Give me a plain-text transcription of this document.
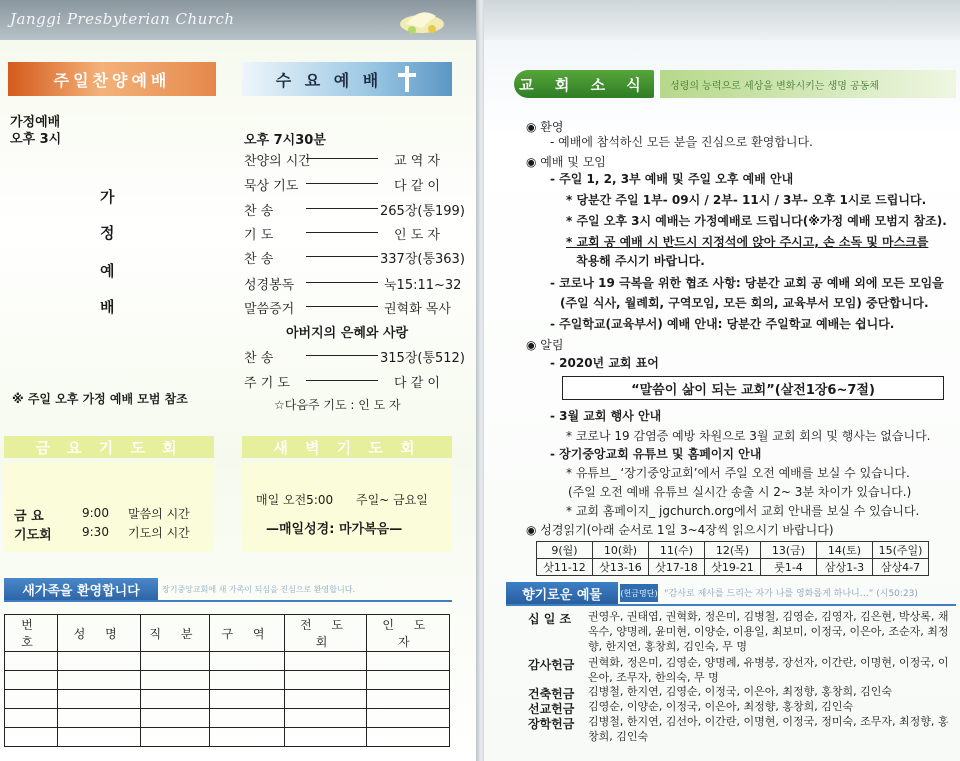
Janggi Presbyterian Church
주일찬양예배
가정예배
오후 3시
가
정
예
배
※ 주일 오후 가정 예배 모범 참조
수 요 예 배
오후 7시30분
찬양의 시간	교 역 자
묵상 기도	다 같 이
찬 송	265장(통199)
기 도	인 도 자
찬 송	337장(통363)
성경봉독	눅15:11~32
말씀증거	권혁화 목사
아버지의 은혜와 사랑
찬 송	315장(통512)
주 기 도	다 같 이
☆다음주 기도 : 인 도 자
금 요 기 도 회
금 요	9:00 말씀의 시간
기도회	9:30 기도의 시간
새 벽 기 도 회
매일 오전5:00 주일~ 금요일
—매일성경: 마가복음—
새가족을 환영합니다	장기중앙교회에 새 가족이 되심을 진심으로 환영합니다.
번 호	성 명	직 분	구 역	전 도 회	인 도 자

교 회 소 식	성령의 능력으로 세상을 변화시키는 생명 공동체
◉ 환영
- 예배에 참석하신 모든 분을 진심으로 환영합니다.
◉ 예배 및 모임
- 주일 1, 2, 3부 예배 및 주일 오후 예배 안내
* 당분간 주일 1부- 09시 / 2부- 11시 / 3부- 오후 1시로 드립니다.
* 주일 오후 3시 예배는 가정예배로 드립니다(※가정 예배 모범지 참조).
* 교회 공 예배 시 반드시 지정석에 앉아 주시고, 손 소독 및 마스크를
착용해 주시기 바랍니다.
- 코로나 19 극복을 위한 협조 사항: 당분간 교회 공 예배 외에 모든 모임을
(주일 식사, 월례회, 구역모임, 모든 회의, 교육부서 모임) 중단합니다.
- 주일학교(교육부서) 예배 안내: 당분간 주일학교 예배는 쉽니다.
◉ 알림
- 2020년 교회 표어
“말씀이 삶이 되는 교회”(살전1장6~7절)
- 3월 교회 행사 안내
* 코로나 19 감염증 예방 차원으로 3월 교회 회의 및 행사는 없습니다.
- 장기중앙교회 유튜브 및 홈페이지 안내
* 유튜브_ ‘장기중앙교회’에서 주일 오전 예배를 보실 수 있습니다.
(주일 오전 예배 유튜브 실시간 송출 시 2~ 3분 차이가 있습니다.)
* 교회 홈페이지_ jgchurch.org에서 교회 안내를 보실 수 있습니다.
◉ 성경읽기(아래 순서로 1일 3~4장씩 읽으시기 바랍니다)
9(월)	10(화)	11(수)	12(목)	13(금)	14(토)	15(주일)
삿11-12	삿13-16	삿17-18	삿19-21	룻1-4	삼상1-3	삼상4-7
향기로운 예물	(헌금명단) “감사로 제사를 드리는 자가 나를 영화롭게 하나니…” (시50:23)
십 일 조 권영우, 권태엽, 권혁화, 정은미, 김병철, 김영순, 김영자, 김은현, 박상록, 채옥수, 양명례, 윤미현, 이양순, 이용일, 최보미, 이정국, 이은아, 조순자, 최정향, 한지연, 홍창희, 김인숙, 무 명
감사헌금 권혁화, 정은미, 김영순, 양명례, 유병봉, 장선자, 이간란, 이명현, 이정국, 이은아, 조무자, 한의숙, 무 명
건축헌금 김병철, 한지연, 김영순, 이정국, 이은아, 최정향, 홍창희, 김인숙
선교헌금 김영순, 이양순, 이정국, 이은아, 최정향, 홍창희, 김인숙
장학헌금 김병철, 한지연, 김선아, 이간란, 이명현, 이정국, 정미숙, 조무자, 최정향, 홍창희, 김인숙
